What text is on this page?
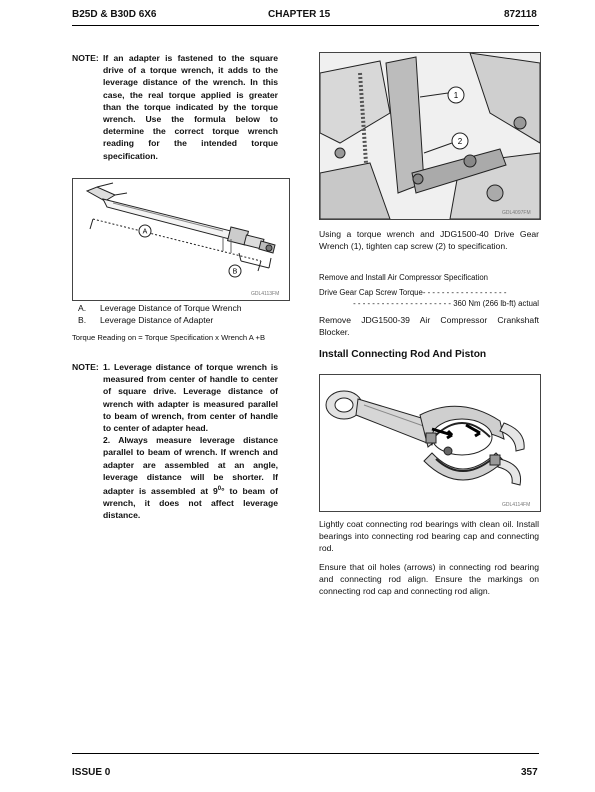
B25D & B30D 6X6	CHAPTER 15	872118
NOTE: If an adapter is fastened to the square drive of a torque wrench, it adds to the leverage distance of the wrench. In this case, the real torque applied is greater than the torque indicated by the torque wrench. Use the formula below to determine the correct torque wrench reading for the intended torque specification.

A
B
GDL4113FM
A. Leverage Distance of Torque Wrench
B. Leverage Distance of Adapter
Torque Reading on = Torque Specification x Wrench A +B
NOTE: 1. Leverage distance of torque wrench is measured from center of handle to center of square drive. Leverage distance of wrench with adapter is measured parallel to beam of wrench, from center of handle to center of adapter head.

2. Always measure leverage distance parallel to beam of wrench. If wrench and adapter are assembled at an angle, leverage distance will be shorter. If adapter is assembled at $9^0^\circ$ to beam of wrench, it does not affect leverage distance.

1
2
GDL4097FM

Using a torque wrench and JDG1500-40 Drive Gear Wrench (1), tighten cap screw (2) to specification.

Remove and Install Air Compressor Specification

Drive Gear Cap Screw Torque- - - - - - - - - - - - - - - - - -

- - - - - - - - - - - - - - - - - - - - - 360 Nm (266 lb-ft) actual

Remove JDG1500-39 Air Compressor Crankshaft Blocker.

Install Connecting Rod And Piston
GDL4114FM

Lightly coat connecting rod bearings with clean oil. Install bearings into connecting rod bearing cap and connecting rod.

Ensure that oil holes (arrows) in connecting rod bearing and connecting rod align. Ensure the markings on connecting rod cap and connecting rod align.

ISSUE 0	357
